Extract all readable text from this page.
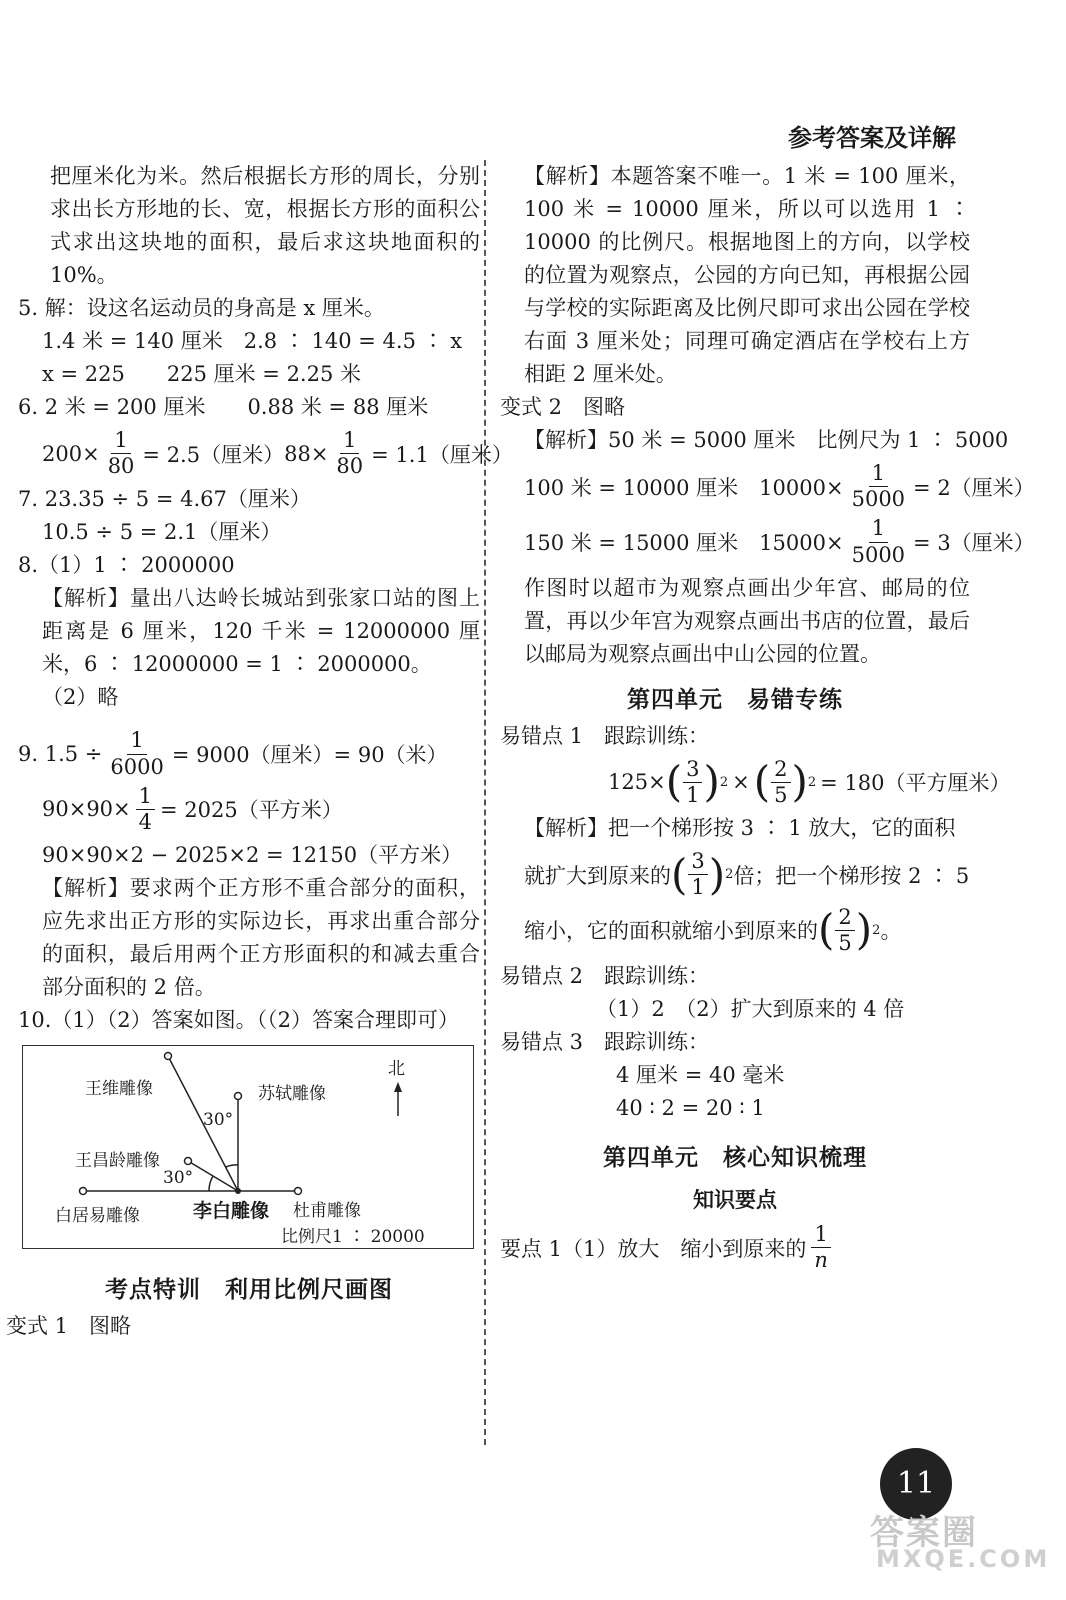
参考答案及详解
把厘米化为米。然后根据长方形的周长，分别求出长方形地的长、宽，根据长方形的面积公式求出这块地的面积，最后求这块地面积的 10%。
5. 解：设这名运动员的身高是 x 厘米。
1.4 米 = 140 厘米　2.8 ∶ 140 = 4.5 ∶ x
x = 225　　225 厘米 = 2.25 米
6. 2 米 = 200 厘米　　0.88 米 = 88 厘米
$200\times \frac{1}{80} = 2.5$（厘米） $88\times \frac{1}{80} = 1.1$（厘米）
7. 23.35 ÷ 5 = 4.67（厘米）
10.5 ÷ 5 = 2.1（厘米）
8.（1）1 ∶ 2000000
【解析】量出八达岭长城站到张家口站的图上距离是 6 厘米，120 千米 = 12000000 厘米，6 ∶ 12000000 = 1 ∶ 2000000。
（2）略
9. $1.5 \div \frac{1}{6000} = 9000$（厘米）= 90（米）
$90\times 90\times \frac{1}{4} = 2025$（平方米）
90×90×2 − 2025×2 = 12150（平方米）
【解析】要求两个正方形不重合部分的面积，应先求出正方形的实际边长，再求出重合部分的面积，最后用两个正方形面积的和减去重合部分面积的 2 倍。
10.（1）（2）答案如图。（（2）答案合理即可）
北
王维雕像	苏轼雕像
30°
王昌龄雕像
30°
白居易雕像	李白雕像 杜甫雕像
比例尺1 ∶ 20000
考点特训　利用比例尺画图
变式 1　图略
【解析】本题答案不唯一。1 米 = 100 厘米，100 米 = 10000 厘米，所以可以选用 1 ∶ 10000 的比例尺。根据地图上的方向，以学校的位置为观察点，公园的方向已知，再根据公园与学校的实际距离及比例尺即可求出公园在学校右面 3 厘米处；同理可确定酒店在学校右上方相距 2 厘米处。
变式 2　图略
【解析】50 米 = 5000 厘米　比例尺为 1 ∶ 5000
100 米 = 10000 厘米　$10000\times \frac{1}{5000} = 2$（厘米）
150 米 = 15000 厘米　$15000\times \frac{1}{5000} = 3$（厘米）
作图时以超市为观察点画出少年宫、邮局的位置，再以少年宫为观察点画出书店的位置，最后以邮局为观察点画出中山公园的位置。
第四单元　易错专练
易错点 1　跟踪训练：
125× ( $\frac{3}{1}$ ) 2 × ( $\frac{2}{5}$ ) 2 = 180（平方厘米）
【解析】把一个梯形按 3 ∶ 1 放大，它的面积
就扩大到原来的 ( $\frac{3}{1}$ ) 2 倍；把一个梯形按 2 ∶ 5
缩小，它的面积就缩小到原来的 ( $\frac{2}{5}$ ) 2 。
易错点 2　跟踪训练：
（1）2　（2）扩大到原来的 4 倍
易错点 3　跟踪训练：
4 厘米 = 40 毫米
40 ∶ 2 = 20 ∶ 1
第四单元　核心知识梳理
知识要点
要点 1（1）放大　缩小到原来的 $\frac{1}{n}$
11
答案圈
MXQE.COM
